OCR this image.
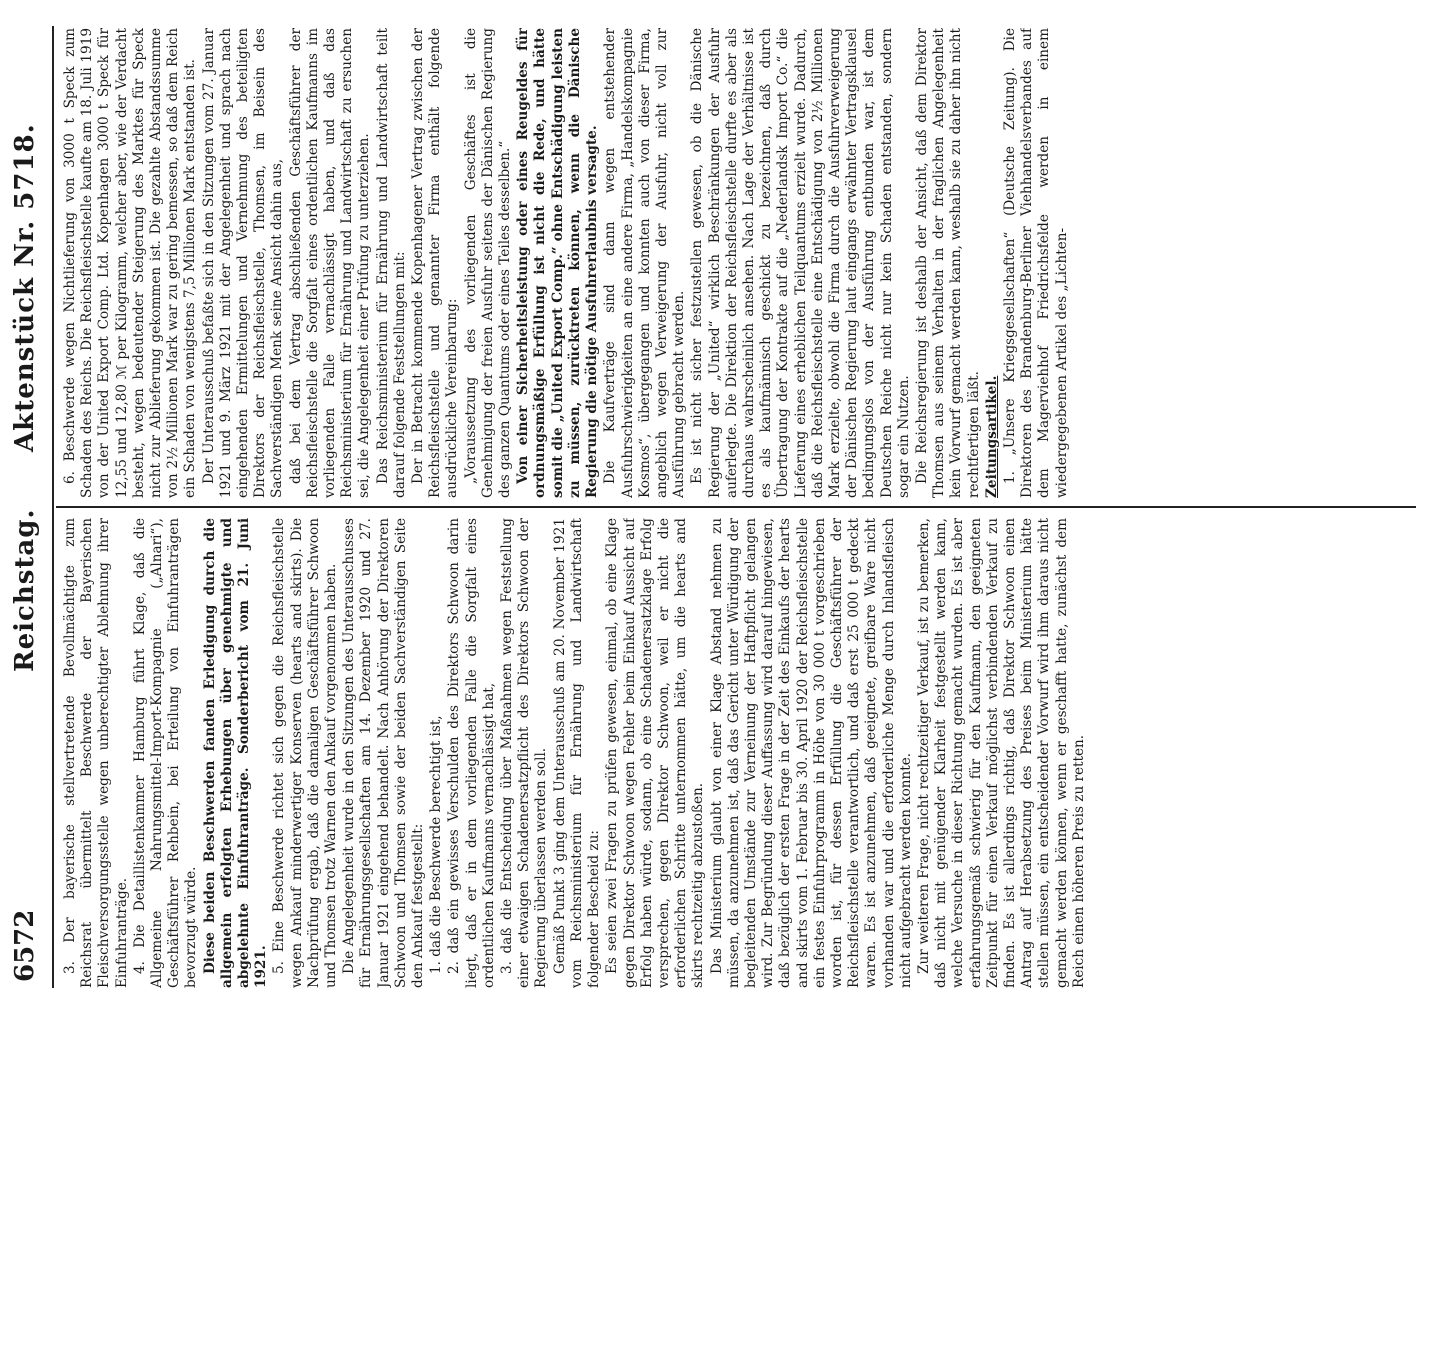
6572
Reichstag.
Aktenstück Nr. 5718.

3. Der bayerische stellvertretende Bevollmächtigte zum Reichsrat übermittelt Beschwerde der Bayerischen Fleischversorgungsstelle wegen unberechtigter Ablehnung ihrer Einfuhranträge. 4. Die Detaillistenkammer Hamburg führt Klage, daß die Allgemeine Nahrungsmittel-Import-Kompagnie („Alnari“), Geschäftsführer Rehbein, bei Erteilung von Einfuhranträgen bevorzugt würde. Diese beiden Beschwerden fanden Erledigung durch die allgemein erfolgten Erhebungen über genehmigte und abgelehnte Einfuhranträge. Sonderbericht vom 21. Juni 1921. 5. Eine Beschwerde richtet sich gegen die Reichsfleischstelle wegen Ankauf minderwertiger Konserven (hearts and skirts). Die Nachprüfung ergab, daß die damaligen Geschäftsführer Schwoon und Thomsen trotz Warnen den Ankauf vorgenommen haben. Die Angelegenheit wurde in den Sitzungen des Unterausschusses für Ernährungsgesellschaften am 14. Dezember 1920 und 27. Januar 1921 eingehend behandelt. Nach Anhörung der Direktoren Schwoon und Thomsen sowie der beiden Sachverständigen Seite den Ankauf festgestellt: 1. daß die Beschwerde berechtigt ist, 2. daß ein gewisses Verschulden des Direktors Schwoon darin liegt, daß er in dem vorliegenden Falle die Sorgfalt eines ordentlichen Kaufmanns vernachlässigt hat, 3. daß die Entscheidung über Maßnahmen wegen Feststellung einer etwaigen Schadenersatzpflicht des Direktors Schwoon der Regierung überlassen werden soll. Gemäß Punkt 3 ging dem Unterausschuß am 20. November 1921 vom Reichsministerium für Ernährung und Landwirtschaft folgender Bescheid zu: Es seien zwei Fragen zu prüfen gewesen, einmal, ob eine Klage gegen Direktor Schwoon wegen Fehler beim Einkauf Aussicht auf Erfolg haben würde, sodann, ob eine Schadenersatzklage Erfolg versprechen, gegen Direktor Schwoon, weil er nicht die erforderlichen Schritte unternommen hätte, um die hearts and skirts rechtzeitig abzustoßen. Das Ministerium glaubt von einer Klage Abstand nehmen zu müssen, da anzunehmen ist, daß das Gericht unter Würdigung der begleitenden Umstände zur Verneinung der Haftpflicht gelangen wird. Zur Begründung dieser Auffassung wird darauf hingewiesen, daß bezüglich der ersten Frage in der Zeit des Einkaufs der hearts and skirts vom 1. Februar bis 30. April 1920 der Reichsfleischstelle ein festes Einfuhrprogramm in Höhe von 30 000 t vorgeschrieben worden ist, für dessen Erfüllung die Geschäftsführer der Reichsfleischstelle verantwortlich, und daß erst 25 000 t gedeckt waren. Es ist anzunehmen, daß geeignete, greifbare Ware nicht vorhanden war und die erforderliche Menge durch Inlandsfleisch nicht aufgebracht werden konnte. Zur weiteren Frage, nicht rechtzeitiger Verkauf, ist zu bemerken, daß nicht mit genügender Klarheit festgestellt werden kann, welche Versuche in dieser Richtung gemacht wurden. Es ist aber erfahrungsgemäß schwierig für den Kaufmann, den geeigneten Zeitpunkt für einen Verkauf möglichst verbindenden Verkauf zu finden. Es ist allerdings richtig, daß Direktor Schwoon einen Antrag auf Herabsetzung des Preises beim Ministerium hätte stellen müssen, ein entscheidender Vorwurf wird ihm daraus nicht gemacht werden können, wenn er geschafft hatte, zunächst dem Reich einen höheren Preis zu retten.

6. Beschwerde wegen Nichtlieferung von 3000 t Speck zum Schaden des Reichs. Die Reichsfleischstelle kaufte am 18. Juli 1919 von der United Export Comp. Ltd. Kopenhagen 3000 t Speck für 12,55 und 12,80 ℳ per Kilogramm, welcher aber, wie der Verdacht besteht, wegen bedeutender Steigerung des Marktes für Speck nicht zur Ablieferung gekommen ist. Die gezahlte Abstandssumme von 2½ Millionen Mark war zu gering bemessen, so daß dem Reich ein Schaden von wenigstens 7,5 Millionen Mark entstanden ist. Der Unterausschuß befaßte sich in den Sitzungen vom 27. Januar 1921 und 9. März 1921 mit der Angelegenheit und sprach nach eingehenden Ermittelungen und Vernehmung des beteiligten Direktors der Reichsfleischstelle, Thomsen, im Beisein des Sachverständigen Menk seine Ansicht dahin aus, daß bei dem Vertrag abschließenden Geschäftsführer der Reichsfleischstelle die Sorgfalt eines ordentlichen Kaufmanns im vorliegenden Falle vernachlässigt haben, und daß das Reichsministerium für Ernährung und Landwirtschaft zu ersuchen sei, die Angelegenheit einer Prüfung zu unterziehen. Das Reichsministerium für Ernährung und Landwirtschaft teilt darauf folgende Feststellungen mit: Der in Betracht kommende Kopenhagener Vertrag zwischen der Reichsfleischstelle und genannter Firma enthält folgende ausdrückliche Vereinbarung: „Voraussetzung des vorliegenden Geschäftes ist die Genehmigung der freien Ausfuhr seitens der Dänischen Regierung des ganzen Quantums oder eines Teiles desselben.“ Von einer Sicherheitsleistung oder eines Reugeldes für ordnungsmäßige Erfüllung ist nicht die Rede, und hätte somit die „United Export Comp.“ ohne Entschädigung leisten zu müssen, zurücktreten können, wenn die Dänische Regierung die nötige Ausfuhrerlaubnis versagte. Die Kaufverträge sind dann wegen entstehender Ausfuhrschwierigkeiten an eine andere Firma, „Handelskompagnie Kosmos“, übergegangen und konnten auch von dieser Firma, angeblich wegen Verweigerung der Ausfuhr, nicht voll zur Ausführung gebracht werden. Es ist nicht sicher festzustellen gewesen, ob die Dänische Regierung der „United“ wirklich Beschränkungen der Ausfuhr auferlegte. Die Direktion der Reichsfleischstelle durfte es aber als durchaus wahrscheinlich ansehen. Nach Lage der Verhältnisse ist es als kaufmännisch geschickt zu bezeichnen, daß durch Übertragung der Kontrakte auf die „Nederlandsk Import Co.“ die Lieferung eines erheblichen Teilquantums erzielt wurde. Dadurch, daß die Reichsfleischstelle eine Entschädigung von 2½ Millionen Mark erzielte, obwohl die Firma durch die Ausfuhrverweigerung der Dänischen Regierung laut eingangs erwähnter Vertragsklausel bedingungslos von der Ausführung entbunden war, ist dem Deutschen Reiche nicht nur kein Schaden entstanden, sondern sogar ein Nutzen. Die Reichsregierung ist deshalb der Ansicht, daß dem Direktor Thomsen aus seinem Verhalten in der fraglichen Angelegenheit kein Vorwurf gemacht werden kann, weshalb sie zu daher ihn nicht rechtfertigen läßt. Zeitungsartikel. 1. „Unsere Kriegsgesellschaften“ (Deutsche Zeitung). Die Direktoren des Brandenburg-Berliner Viehhandelsverbandes auf dem Magerviehhof Friedrichsfelde werden in einem wiedergegebenen Artikel des „Lichten-
